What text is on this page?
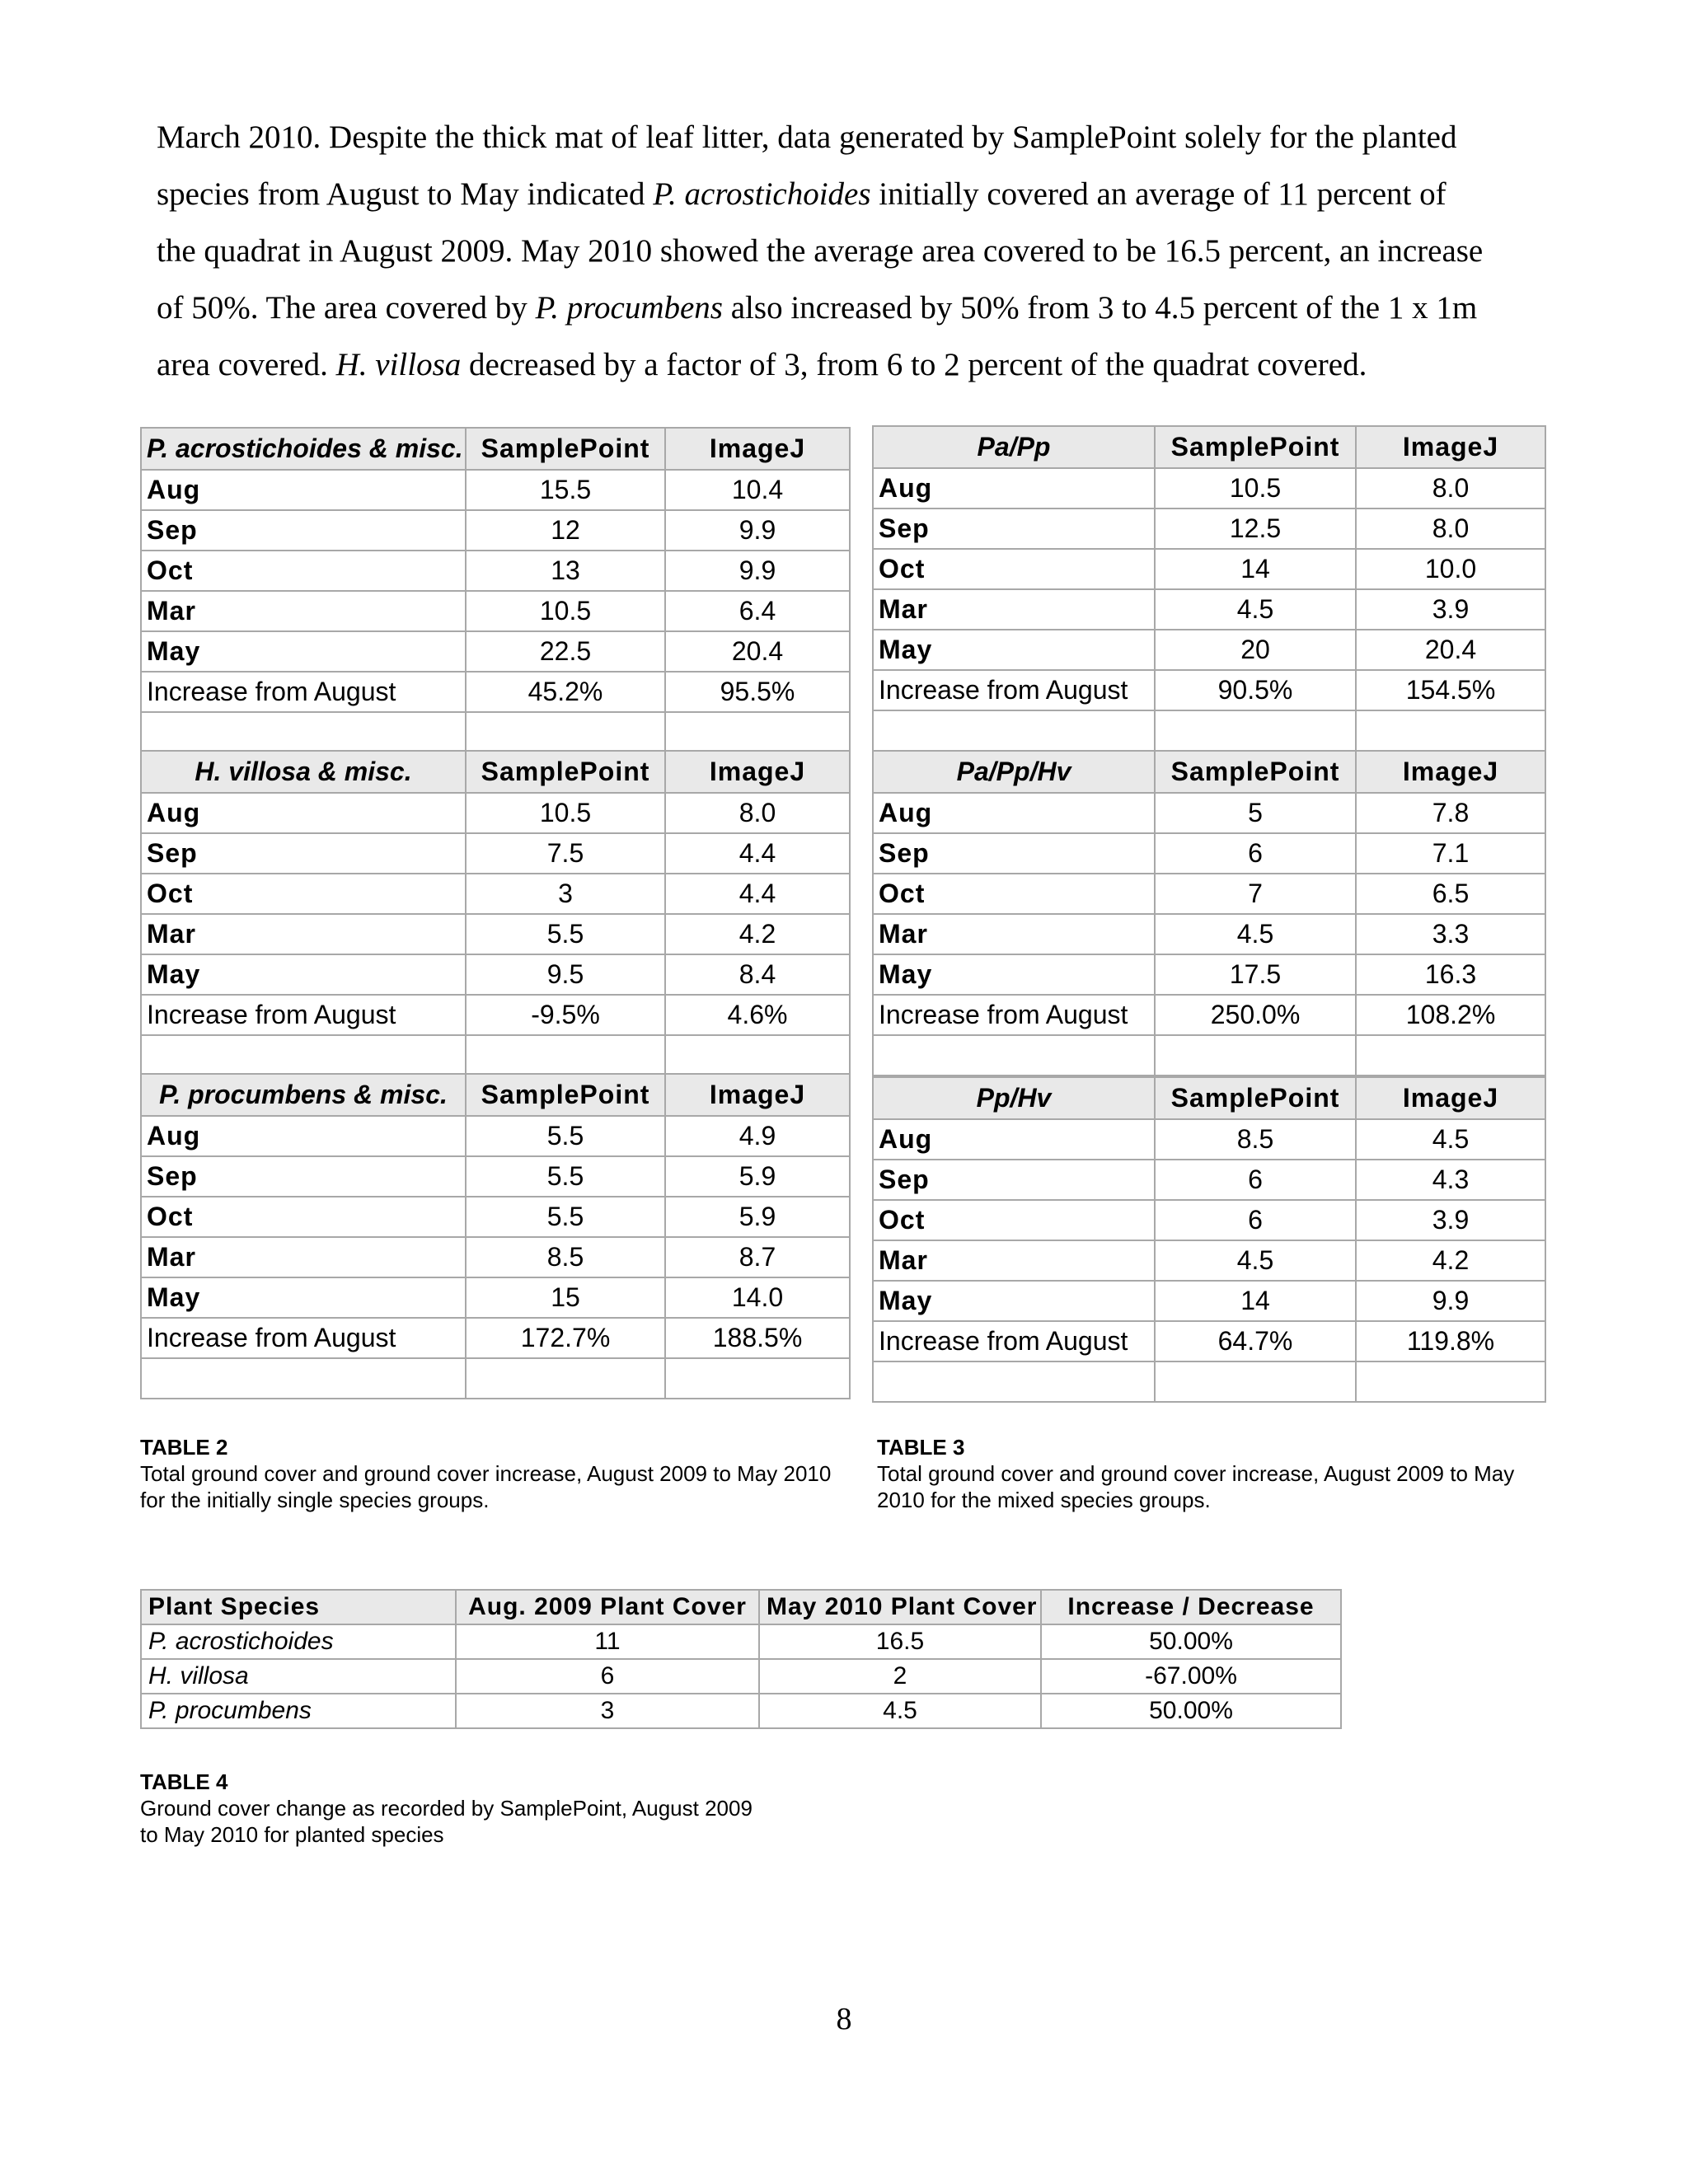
March 2010. Despite the thick mat of leaf litter, data generated by SamplePoint solely for the planted

species from August to May indicated P. acrostichoides initially covered an average of 11 percent of

the quadrat in August 2009. May 2010 showed the average area covered to be 16.5 percent, an increase

of 50%. The area covered by P. procumbens also increased by 50% from 3 to 4.5 percent of the 1 x 1m

area covered. H. villosa decreased by a factor of 3, from 6 to 2 percent of the quadrat covered.

P. acrostichoides & misc.	SamplePoint	ImageJ
Aug	15.5	10.4
Sep	12	9.9
Oct	13	9.9
Mar	10.5	6.4
May	22.5	20.4
Increase from August	45.2%	95.5%

H. villosa & misc.	SamplePoint	ImageJ
Aug	10.5	8.0
Sep	7.5	4.4
Oct	3	4.4
Mar	5.5	4.2
May	9.5	8.4
Increase from August	-9.5%	4.6%

P. procumbens & misc.	SamplePoint	ImageJ
Aug	5.5	4.9
Sep	5.5	5.9
Oct	5.5	5.9
Mar	8.5	8.7
May	15	14.0
Increase from August	172.7%	188.5%

Pa/Pp	SamplePoint	ImageJ
Aug	10.5	8.0
Sep	12.5	8.0
Oct	14	10.0
Mar	4.5	3.9
May	20	20.4
Increase from August	90.5%	154.5%

Pa/Pp/Hv	SamplePoint	ImageJ
Aug	5	7.8
Sep	6	7.1
Oct	7	6.5
Mar	4.5	3.3
May	17.5	16.3
Increase from August	250.0%	108.2%

Pp/Hv	SamplePoint	ImageJ
Aug	8.5	4.5
Sep	6	4.3
Oct	6	3.9
Mar	4.5	4.2
May	14	9.9
Increase from August	64.7%	119.8%

TABLE 2
Total ground cover and ground cover increase, August 2009 to May 2010 for the initially single species groups.
TABLE 3
Total ground cover and ground cover increase, August 2009 to May 2010 for the mixed species groups.
Plant Species	Aug. 2009 Plant Cover	May 2010 Plant Cover	Increase / Decrease
P. acrostichoides	11	16.5	50.00%
H. villosa	6	2	-67.00%
P. procumbens	3	4.5	50.00%
TABLE 4
Ground cover change as recorded by SamplePoint, August 2009 to May 2010 for planted species
8
